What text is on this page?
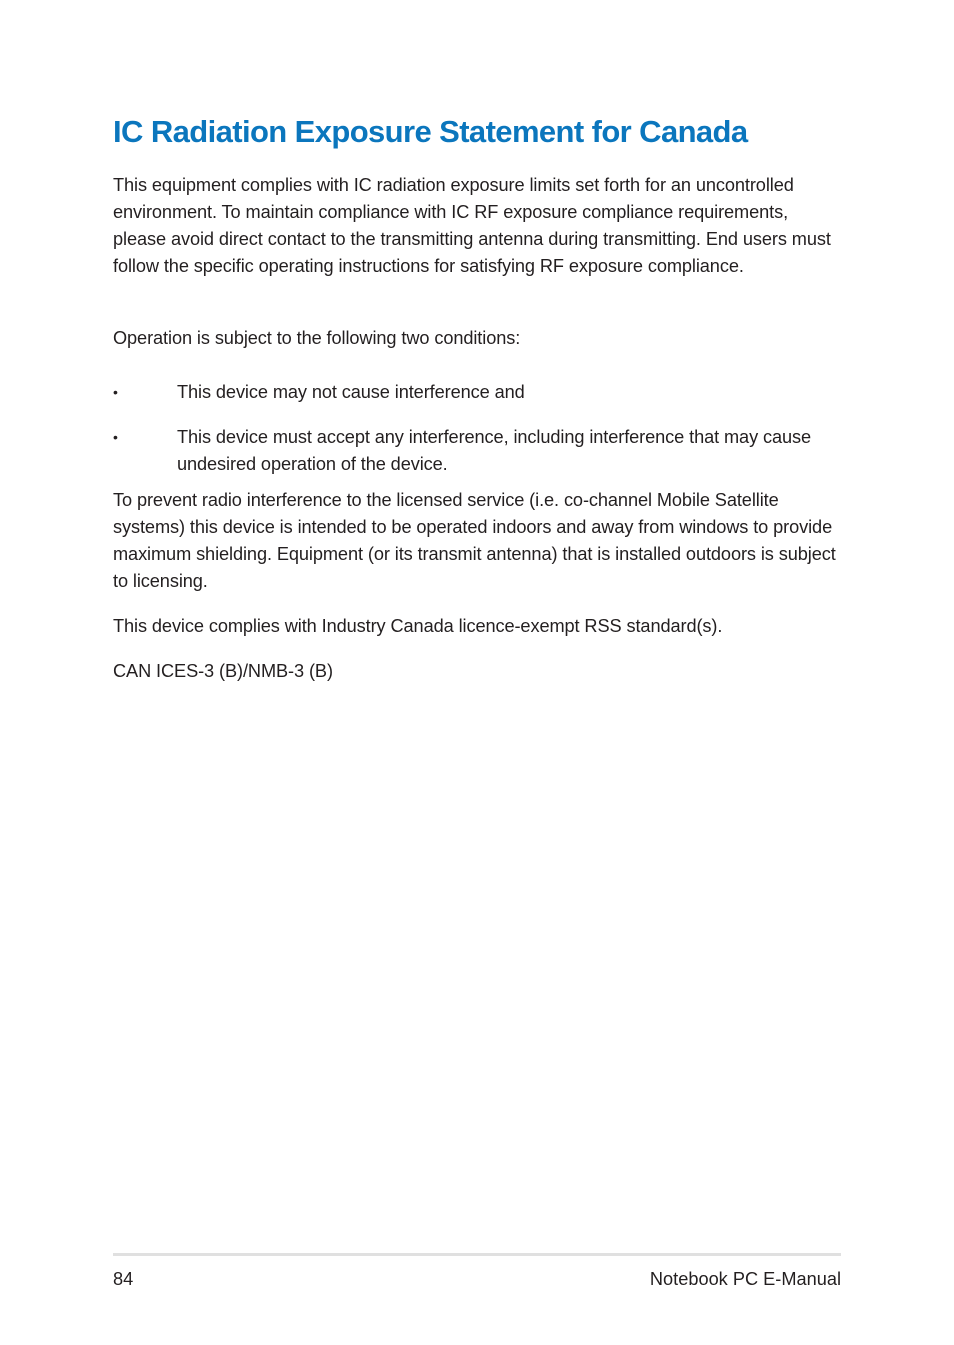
IC Radiation Exposure Statement for Canada

This equipment complies with IC radiation exposure limits set forth for an uncontrolled environment. To maintain compliance with IC RF exposure compliance requirements, please avoid direct contact to the transmitting antenna during transmitting. End users must follow the specific operating instructions for satisfying RF exposure compliance.

Operation is subject to the following two conditions:

•	This device may not cause interference and

•	This device must accept any interference, including interference that may cause undesired operation of the device.

To prevent radio interference to the licensed service (i.e. co-channel Mobile Satellite systems) this device is intended to be operated indoors and away from windows to provide maximum shielding. Equipment (or its transmit antenna) that is installed outdoors is subject to licensing.

This device complies with Industry Canada licence-exempt RSS standard(s).

CAN ICES-3 (B)/NMB-3 (B)

84	Notebook PC E-Manual
